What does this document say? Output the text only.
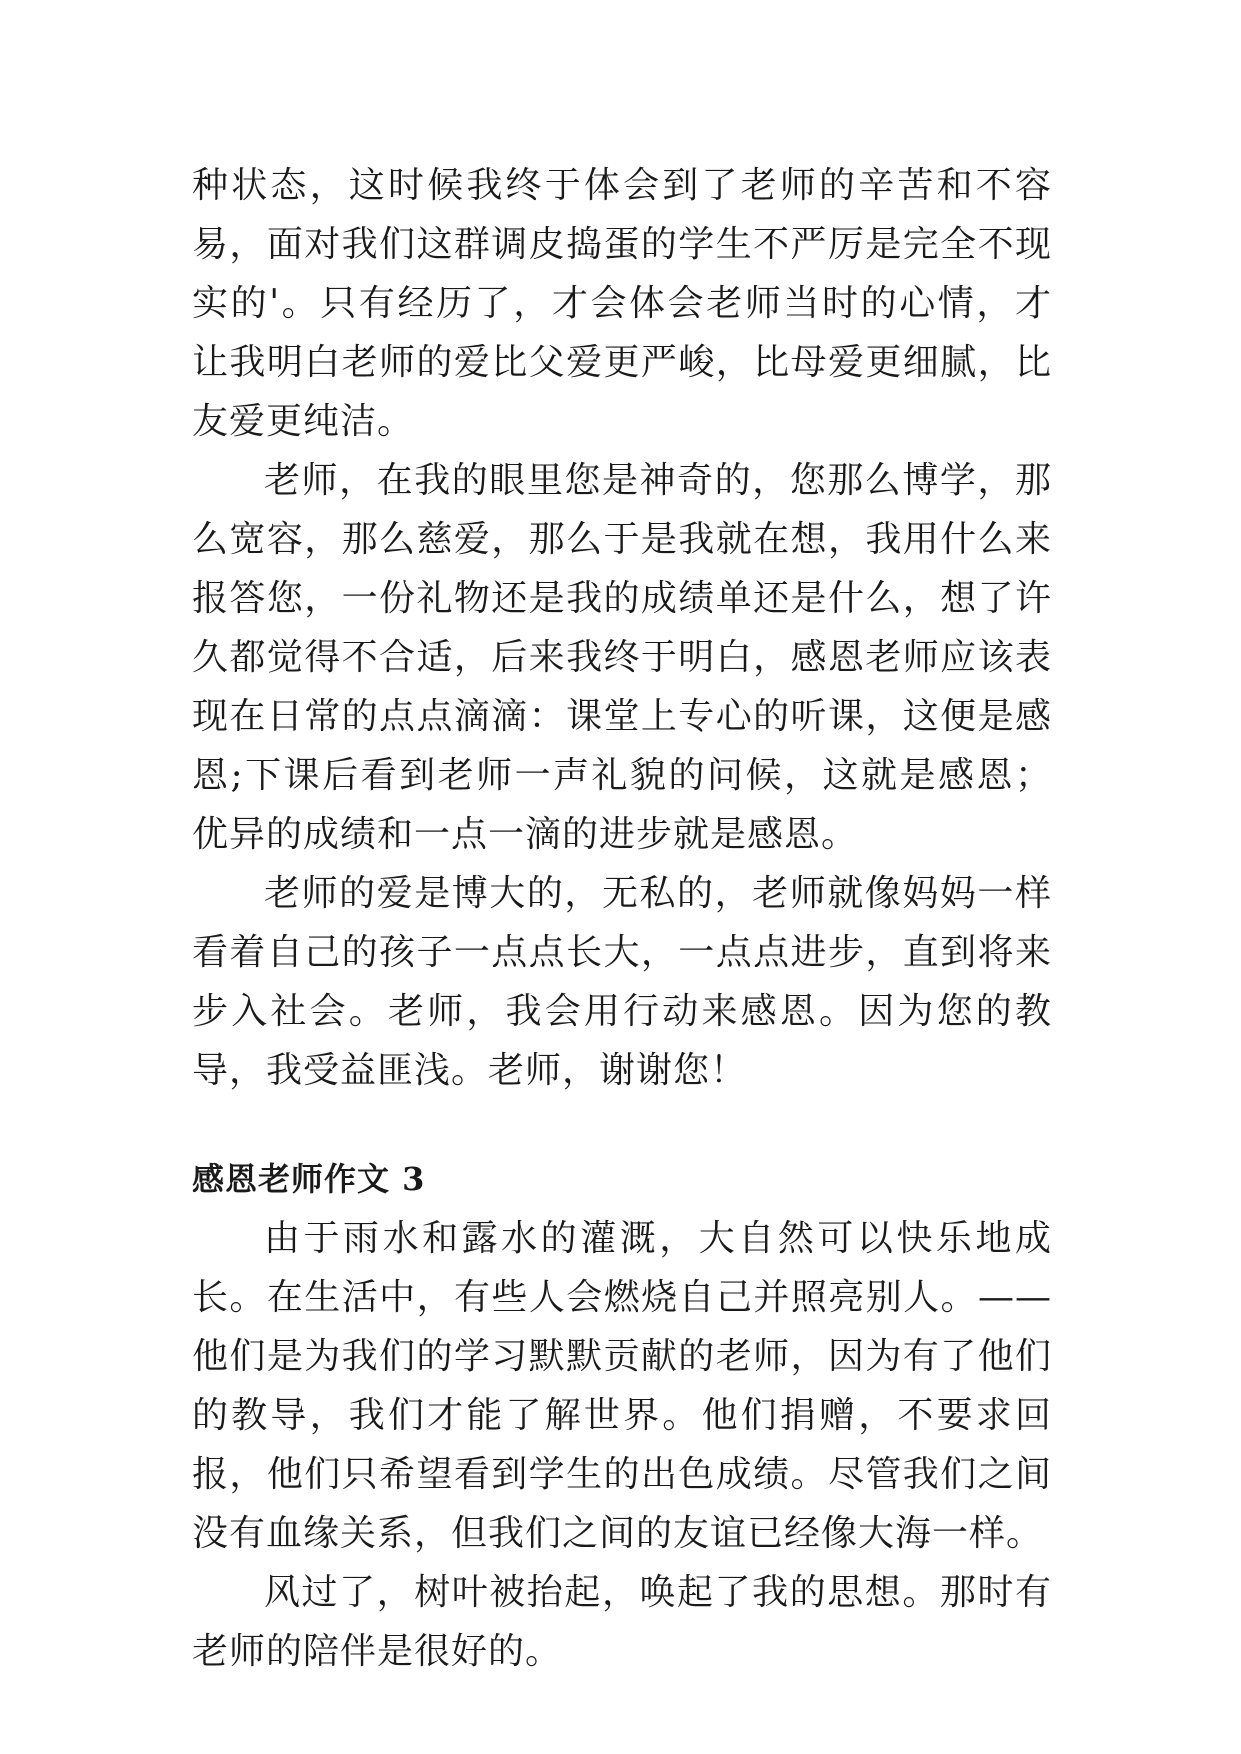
种状态，这时候我终于体会到了老师的辛苦和不容易，面对我们这群调皮捣蛋的学生不严厉是完全不现实的'。只有经历了，才会体会老师当时的心情，才让我明白老师的爱比父爱更严峻，比母爱更细腻，比友爱更纯洁。

老师，在我的眼里您是神奇的，您那么博学，那么宽容，那么慈爱，那么于是我就在想，我用什么来报答您，一份礼物还是我的成绩单还是什么，想了许久都觉得不合适，后来我终于明白，感恩老师应该表现在日常的点点滴滴：课堂上专心的听课，这便是感恩;下课后看到老师一声礼貌的问候，这就是感恩；优异的成绩和一点一滴的进步就是感恩。

老师的爱是博大的，无私的，老师就像妈妈一样看着自己的孩子一点点长大，一点点进步，直到将来步入社会。老师，我会用行动来感恩。因为您的教导，我受益匪浅。老师，谢谢您！

感恩老师作文 3

由于雨水和露水的灌溉，大自然可以快乐地成长。在生活中，有些人会燃烧自己并照亮别人。——他们是为我们的学习默默贡献的老师，因为有了他们的教导，我们才能了解世界。他们捐赠，不要求回报，他们只希望看到学生的出色成绩。尽管我们之间没有血缘关系，但我们之间的友谊已经像大海一样。

风过了，树叶被抬起，唤起了我的思想。那时有老师的陪伴是很好的。
